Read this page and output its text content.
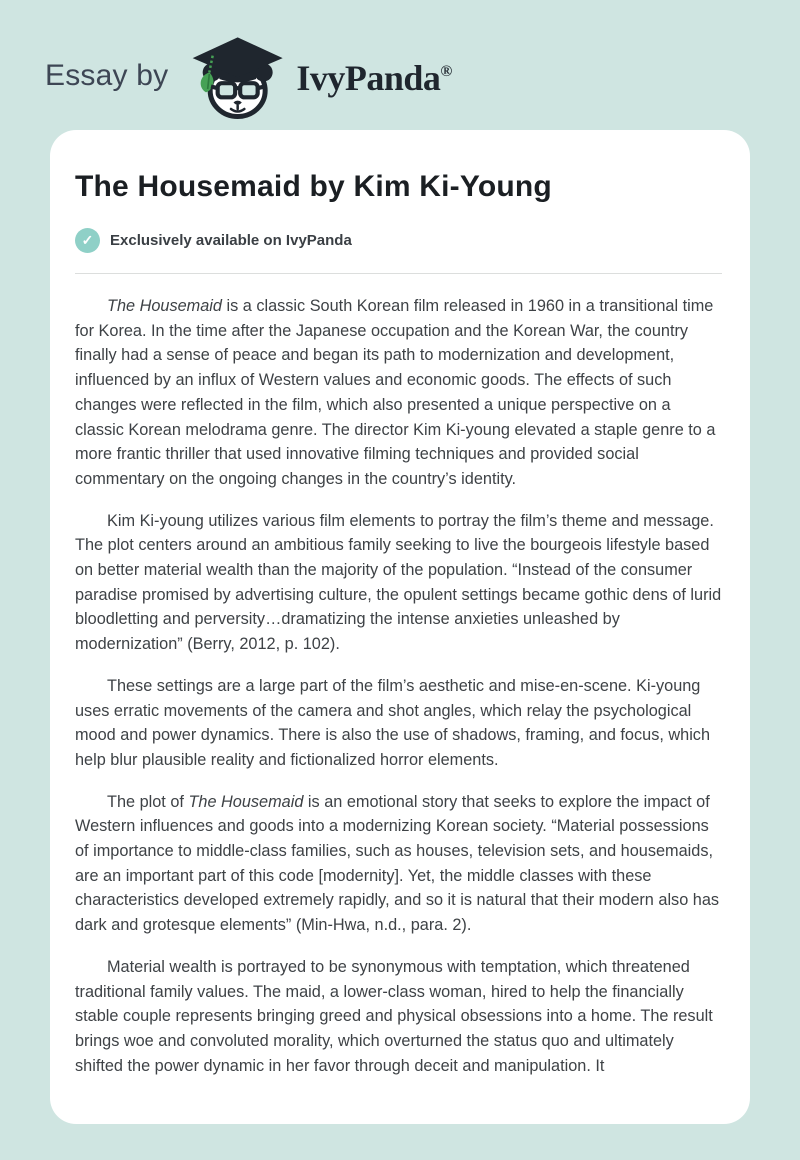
Essay by	IvyPanda®
The Housemaid by Kim Ki-Young
✓	Exclusively available on IvyPanda

The Housemaid is a classic South Korean film released in 1960 in a transitional time for Korea. In the time after the Japanese occupation and the Korean War, the country finally had a sense of peace and began its path to modernization and development, influenced by an influx of Western values and economic goods. The effects of such changes were reflected in the film, which also presented a unique perspective on a classic Korean melodrama genre. The director Kim Ki-young elevated a staple genre to a more frantic thriller that used innovative filming techniques and provided social commentary on the ongoing changes in the country’s identity.

Kim Ki-young utilizes various film elements to portray the film’s theme and message. The plot centers around an ambitious family seeking to live the bourgeois lifestyle based on better material wealth than the majority of the population. “Instead of the consumer paradise promised by advertising culture, the opulent settings became gothic dens of lurid bloodletting and perversity…dramatizing the intense anxieties unleashed by modernization” (Berry, 2012, p. 102).

These settings are a large part of the film’s aesthetic and mise-en-scene. Ki-young uses erratic movements of the camera and shot angles, which relay the psychological mood and power dynamics. There is also the use of shadows, framing, and focus, which help blur plausible reality and fictionalized horror elements.

The plot of The Housemaid is an emotional story that seeks to explore the impact of Western influences and goods into a modernizing Korean society. “Material possessions of importance to middle-class families, such as houses, television sets, and housemaids, are an important part of this code [modernity]. Yet, the middle classes with these characteristics developed extremely rapidly, and so it is natural that their modern also has dark and grotesque elements” (Min-Hwa, n.d., para. 2).

Material wealth is portrayed to be synonymous with temptation, which threatened traditional family values. The maid, a lower-class woman, hired to help the financially stable couple represents bringing greed and physical obsessions into a home. The result brings woe and convoluted morality, which overturned the status quo and ultimately shifted the power dynamic in her favor through deceit and manipulation. It
